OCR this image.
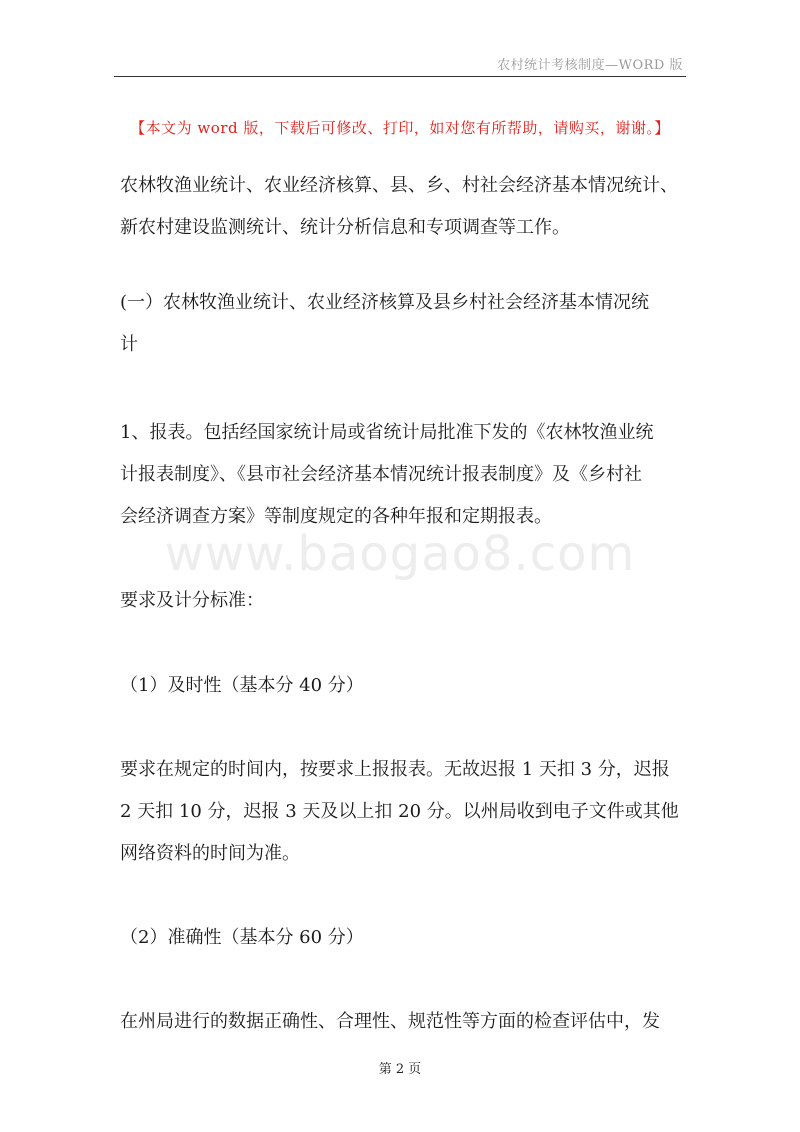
农村统计考核制度—WORD 版
【本文为 word 版，下载后可修改、打印，如对您有所帮助，请购买，谢谢。】
www.baogao8.com
农林牧渔业统计、农业经济核算、县、乡、村社会经济基本情况统计、
新农村建设监测统计、统计分析信息和专项调查等工作。
(一）农林牧渔业统计、农业经济核算及县乡村社会经济基本情况统
计
1、报表。包括经国家统计局或省统计局批准下发的《农林牧渔业统
计报表制度》、《县市社会经济基本情况统计报表制度》及《乡村社
会经济调查方案》等制度规定的各种年报和定期报表。
要求及计分标准：
（1）及时性（基本分 40 分）
要求在规定的时间内，按要求上报报表。无故迟报 1 天扣 3 分，迟报
2 天扣 10 分，迟报 3 天及以上扣 20 分。以州局收到电子文件或其他
网络资料的时间为准。
（2）准确性（基本分 60 分）
在州局进行的数据正确性、合理性、规范性等方面的检查评估中，发
第 2 页
